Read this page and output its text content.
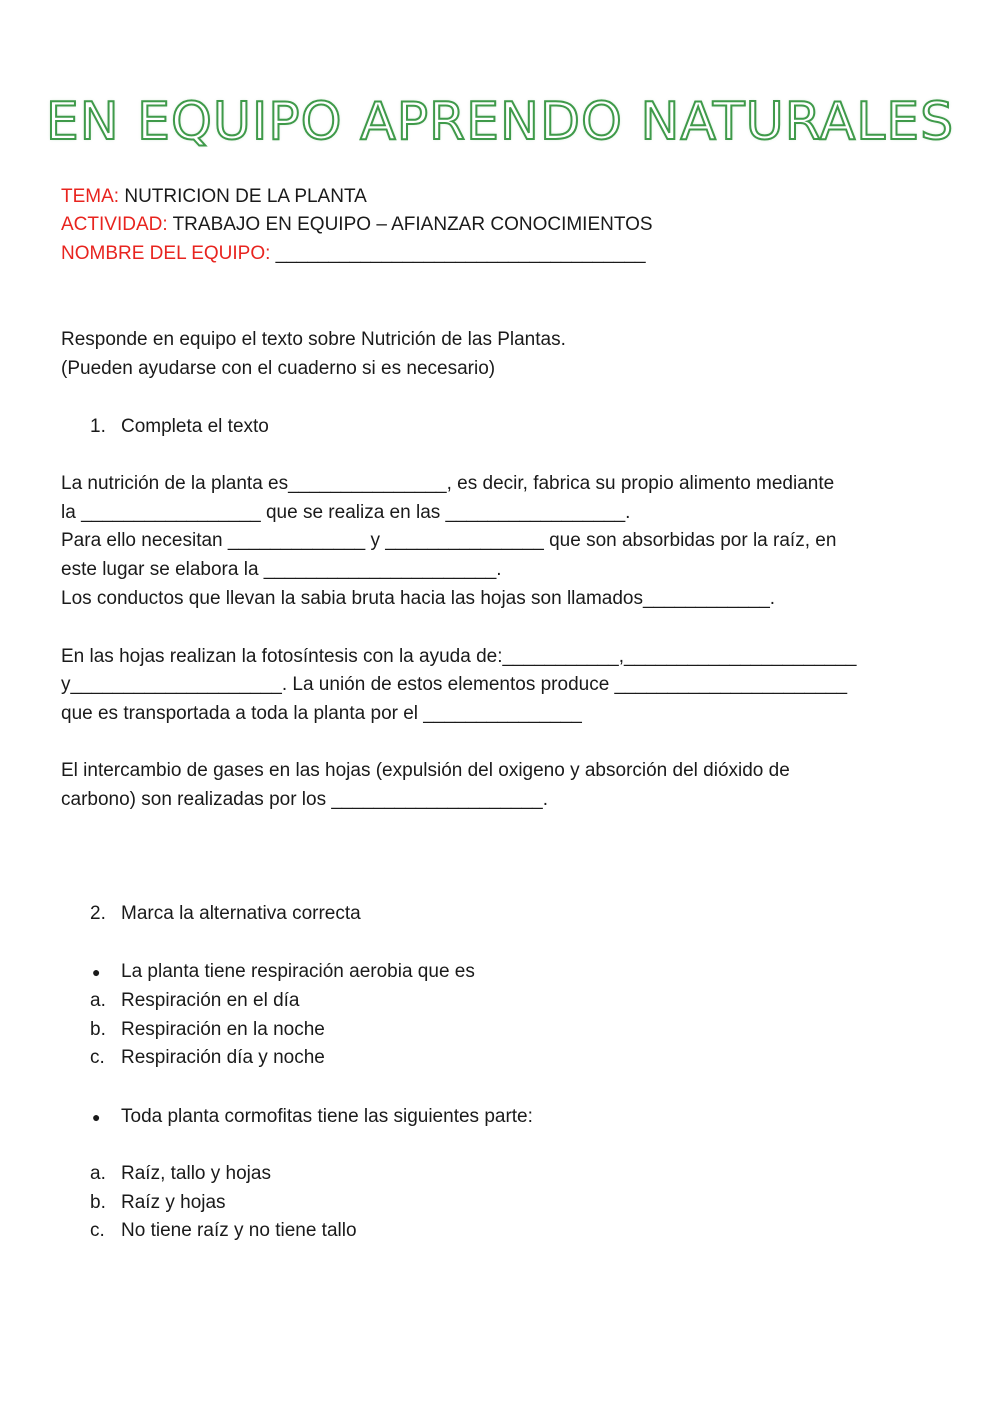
EN EQUIPO APRENDO NATURALES
TEMA: NUTRICION DE LA PLANTA
ACTIVIDAD: TRABAJO EN EQUIPO – AFIANZAR CONOCIMIENTOS
NOMBRE DEL EQUIPO: ___________________________________
Responde en equipo el texto sobre Nutrición de las Plantas.
(Pueden ayudarse con el cuaderno si es necesario)
1. Completa el texto
La nutrición de la planta es_______________, es decir, fabrica su propio alimento mediante
la _________________ que se realiza en las _________________.
Para ello necesitan _____________ y _______________ que son absorbidas por la raíz, en
este lugar se elabora la ______________________.
Los conductos que llevan la sabia bruta hacia las hojas son llamados____________.
En las hojas realizan la fotosíntesis con la ayuda de:___________,______________________
y____________________. La unión de estos elementos produce ______________________
que es transportada a toda la planta por el _______________
El intercambio de gases en las hojas (expulsión del oxigeno y absorción del dióxido de
carbono) son realizadas por los ____________________.
2. Marca la alternativa correcta
● La planta tiene respiración aerobia que es
a. Respiración en el día
b. Respiración en la noche
c. Respiración día y noche
● Toda planta cormofitas tiene las siguientes parte:
a. Raíz, tallo y hojas
b. Raíz y hojas
c. No tiene raíz y no tiene tallo
